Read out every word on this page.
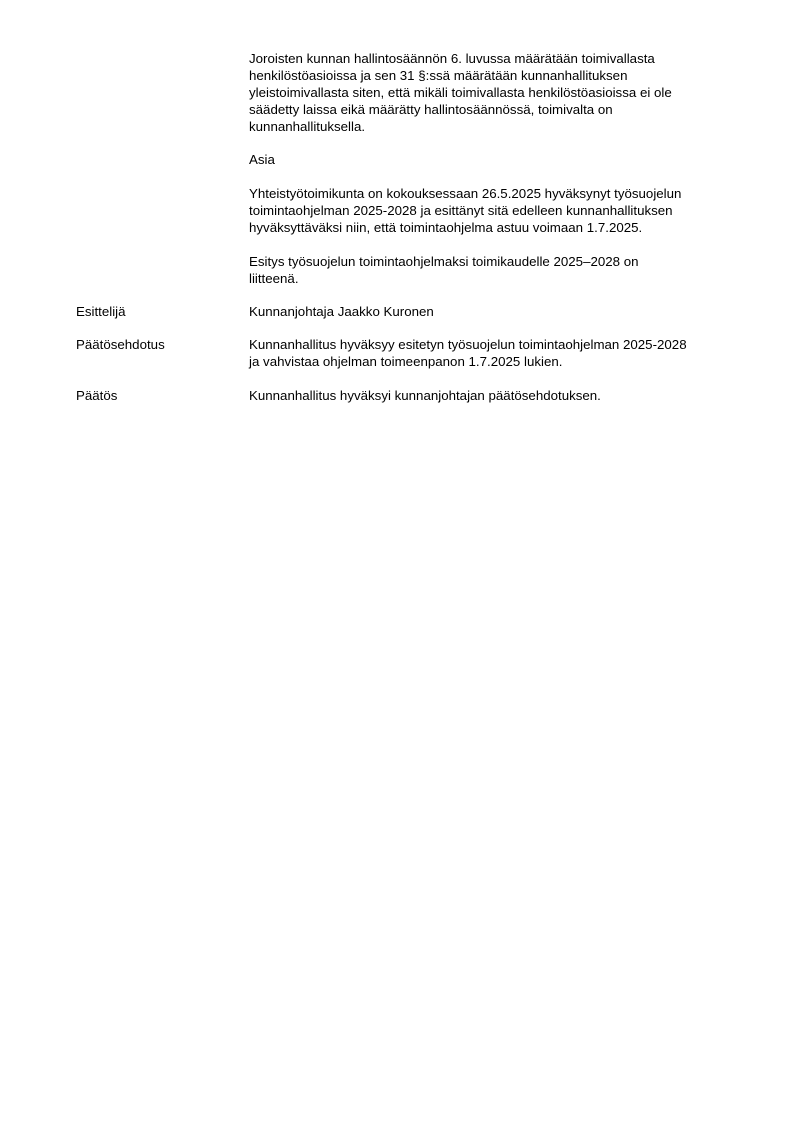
Joroisten kunnan hallintosäännön 6. luvussa määrätään toimivallasta
henkilöstöasioissa ja sen 31 §:ssä määrätään kunnanhallituksen
yleistoimivallasta siten, että mikäli toimivallasta henkilöstöasioissa ei ole
säädetty laissa eikä määrätty hallintosäännössä, toimivalta on
kunnanhallituksella.

Asia

Yhteistyötoimikunta on kokouksessaan 26.5.2025 hyväksynyt työsuojelun
toimintaohjelman 2025-2028 ja esittänyt sitä edelleen kunnanhallituksen
hyväksyttäväksi niin, että toimintaohjelma astuu voimaan 1.7.2025.

Esitys työsuojelun toimintaohjelmaksi toimikaudelle 2025–2028 on
liitteenä.

Esittelijä	Kunnanjohtaja Jaakko Kuronen

Päätösehdotus	Kunnanhallitus hyväksyy esitetyn työsuojelun toimintaohjelman 2025-2028
ja vahvistaa ohjelman toimeenpanon 1.7.2025 lukien.

Päätös	Kunnanhallitus hyväksyi kunnanjohtajan päätösehdotuksen.
